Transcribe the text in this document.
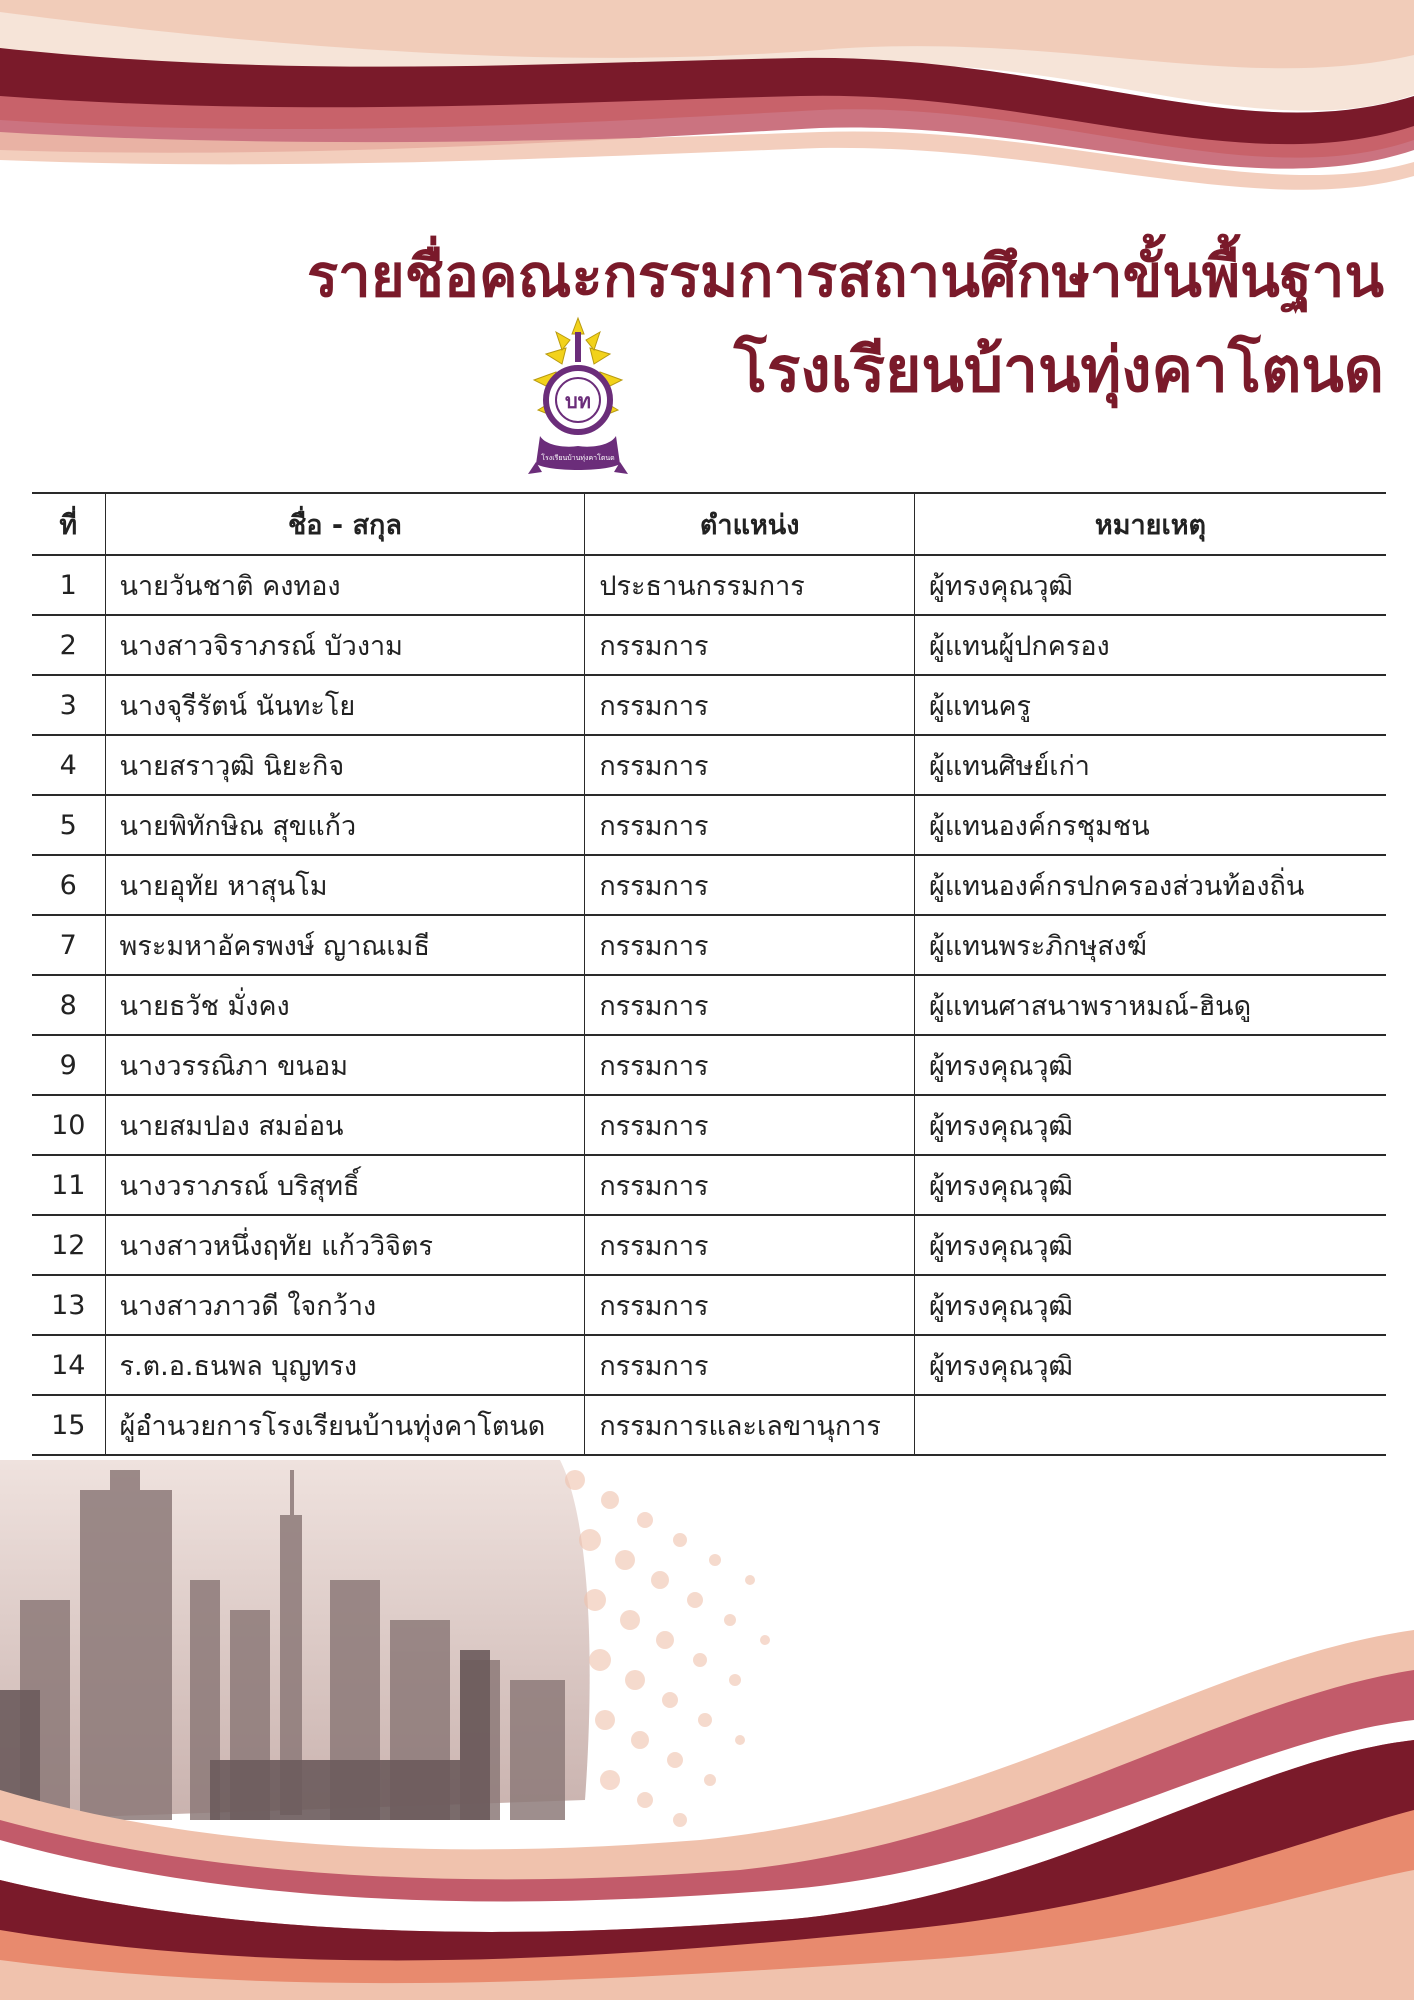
รายชื่อคณะกรรมการสถานศึกษาขั้นพื้นฐาน
โรงเรียนบ้านทุ่งคาโตนด
บท
โรงเรียนบ้านทุ่งคาโตนด
ที่	ชื่อ - สกุล	ตำแหน่ง	หมายเหตุ
1	นายวันชาติ คงทอง	ประธานกรรมการ	ผู้ทรงคุณวุฒิ
2	นางสาวจิราภรณ์ บัวงาม	กรรมการ	ผู้แทนผู้ปกครอง
3	นางจุรีรัตน์ นันทะโย	กรรมการ	ผู้แทนครู
4	นายสราวุฒิ นิยะกิจ	กรรมการ	ผู้แทนศิษย์เก่า
5	นายพิทักษิณ สุขแก้ว	กรรมการ	ผู้แทนองค์กรชุมชน
6	นายอุทัย หาสุนโม	กรรมการ	ผู้แทนองค์กรปกครองส่วนท้องถิ่น
7	พระมหาอัครพงษ์ ญาณเมธี	กรรมการ	ผู้แทนพระภิกษุสงฆ์
8	นายธวัช มั่งคง	กรรมการ	ผู้แทนศาสนาพราหมณ์-ฮินดู
9	นางวรรณิภา ขนอม	กรรมการ	ผู้ทรงคุณวุฒิ
10	นายสมปอง สมอ่อน	กรรมการ	ผู้ทรงคุณวุฒิ
11	นางวราภรณ์ บริสุทธิ์	กรรมการ	ผู้ทรงคุณวุฒิ
12	นางสาวหนึ่งฤทัย แก้ววิจิตร	กรรมการ	ผู้ทรงคุณวุฒิ
13	นางสาวภาวดี ใจกว้าง	กรรมการ	ผู้ทรงคุณวุฒิ
14	ร.ต.อ.ธนพล บุญทรง	กรรมการ	ผู้ทรงคุณวุฒิ
15	ผู้อำนวยการโรงเรียนบ้านทุ่งคาโตนด	กรรมการและเลขานุการ	
